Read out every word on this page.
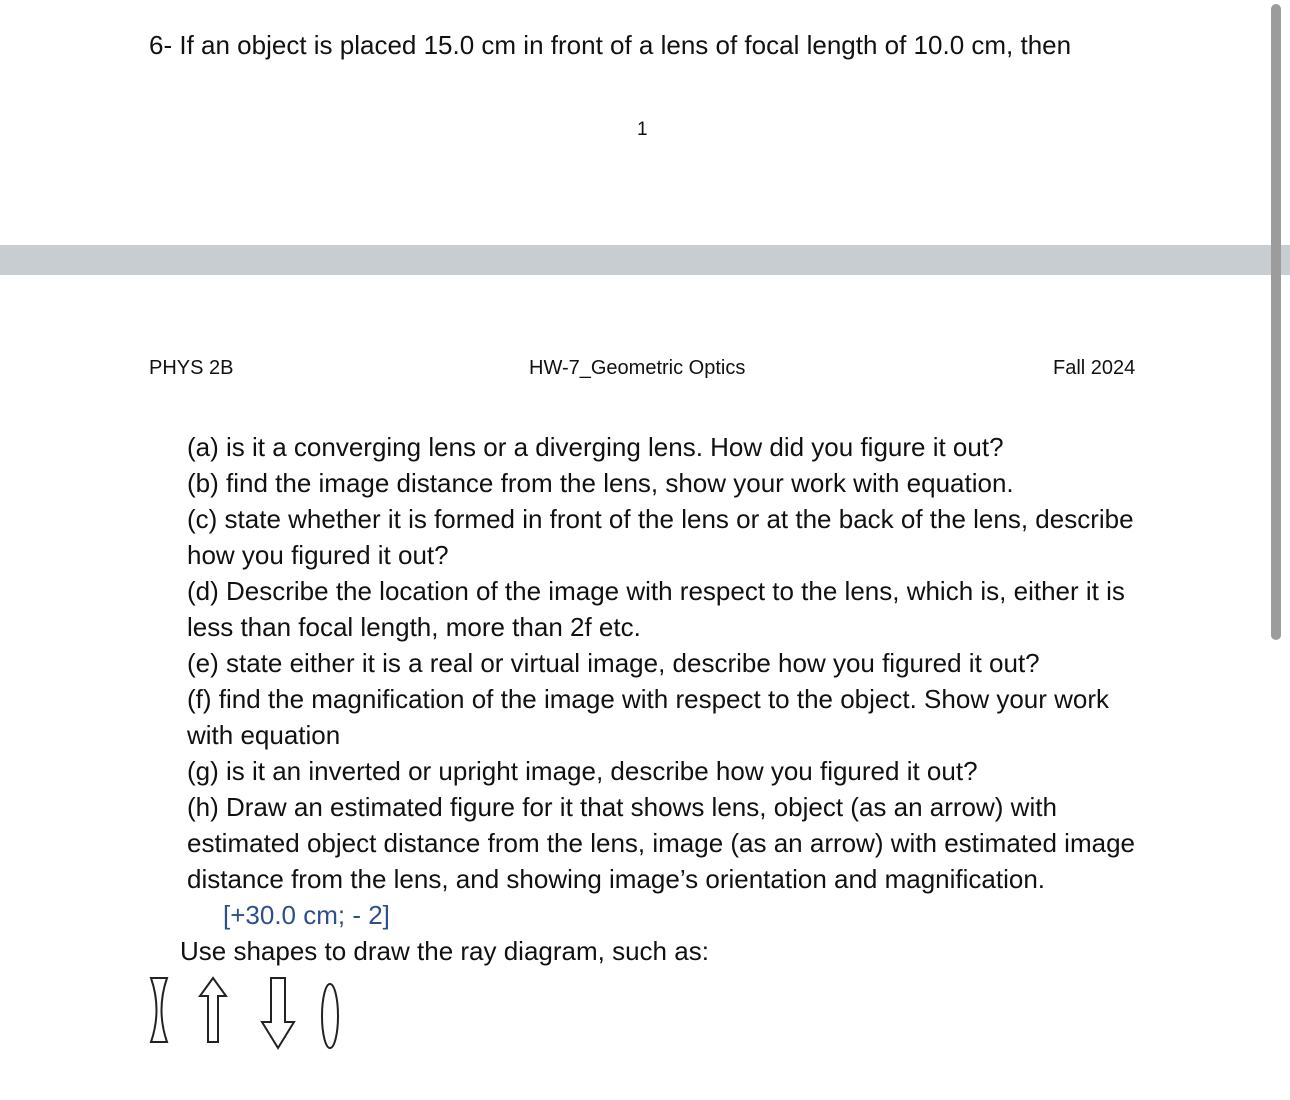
6- If an object is placed 15.0 cm in front of a lens of focal length of 10.0 cm, then
1
PHYS 2B	HW-7_Geometric Optics	Fall 2024

(a) is it a converging lens or a diverging lens. How did you figure it out?

(b) find the image distance from the lens, show your work with equation.

(c) state whether it is formed in front of the lens or at the back of the lens, describe how you figured it out?

(d) Describe the location of the image with respect to the lens, which is, either it is less than focal length, more than 2f etc.

(e) state either it is a real or virtual image, describe how you figured it out?

(f) find the magnification of the image with respect to the object. Show your work with equation

(g) is it an inverted or upright image, describe how you figured it out?

(h) Draw an estimated figure for it that shows lens, object (as an arrow) with estimated object distance from the lens, image (as an arrow) with estimated image distance from the lens, and showing image’s orientation and magnification.[+30.0 cm; - 2]

Use shapes to draw the ray diagram, such as:
